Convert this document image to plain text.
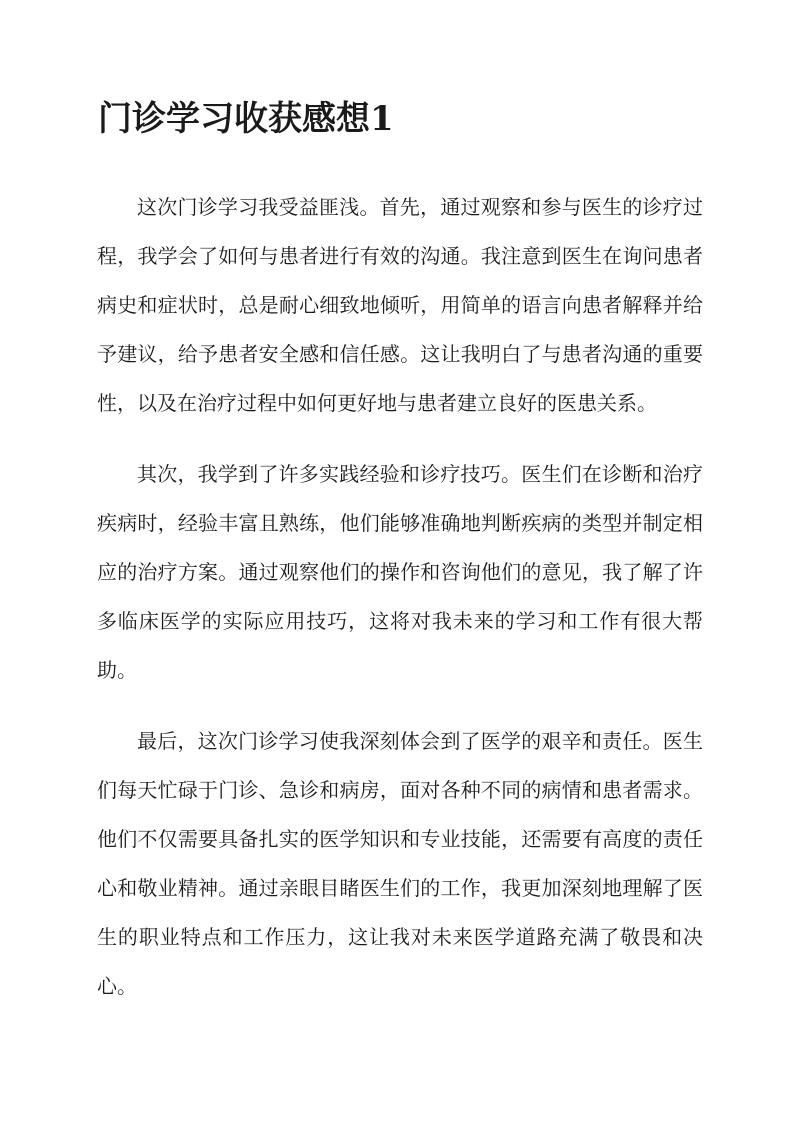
门诊学习收获感想1

这次门诊学习我受益匪浅。首先，通过观察和参与医生的诊疗过程，我学会了如何与患者进行有效的沟通。我注意到医生在询问患者病史和症状时，总是耐心细致地倾听，用简单的语言向患者解释并给予建议，给予患者安全感和信任感。这让我明白了与患者沟通的重要性，以及在治疗过程中如何更好地与患者建立良好的医患关系。

其次，我学到了许多实践经验和诊疗技巧。医生们在诊断和治疗疾病时，经验丰富且熟练，他们能够准确地判断疾病的类型并制定相应的治疗方案。通过观察他们的操作和咨询他们的意见，我了解了许多临床医学的实际应用技巧，这将对我未来的学习和工作有很大帮助。

最后，这次门诊学习使我深刻体会到了医学的艰辛和责任。医生们每天忙碌于门诊、急诊和病房，面对各种不同的病情和患者需求。他们不仅需要具备扎实的医学知识和专业技能，还需要有高度的责任心和敬业精神。通过亲眼目睹医生们的工作，我更加深刻地理解了医生的职业特点和工作压力，这让我对未来医学道路充满了敬畏和决心。
